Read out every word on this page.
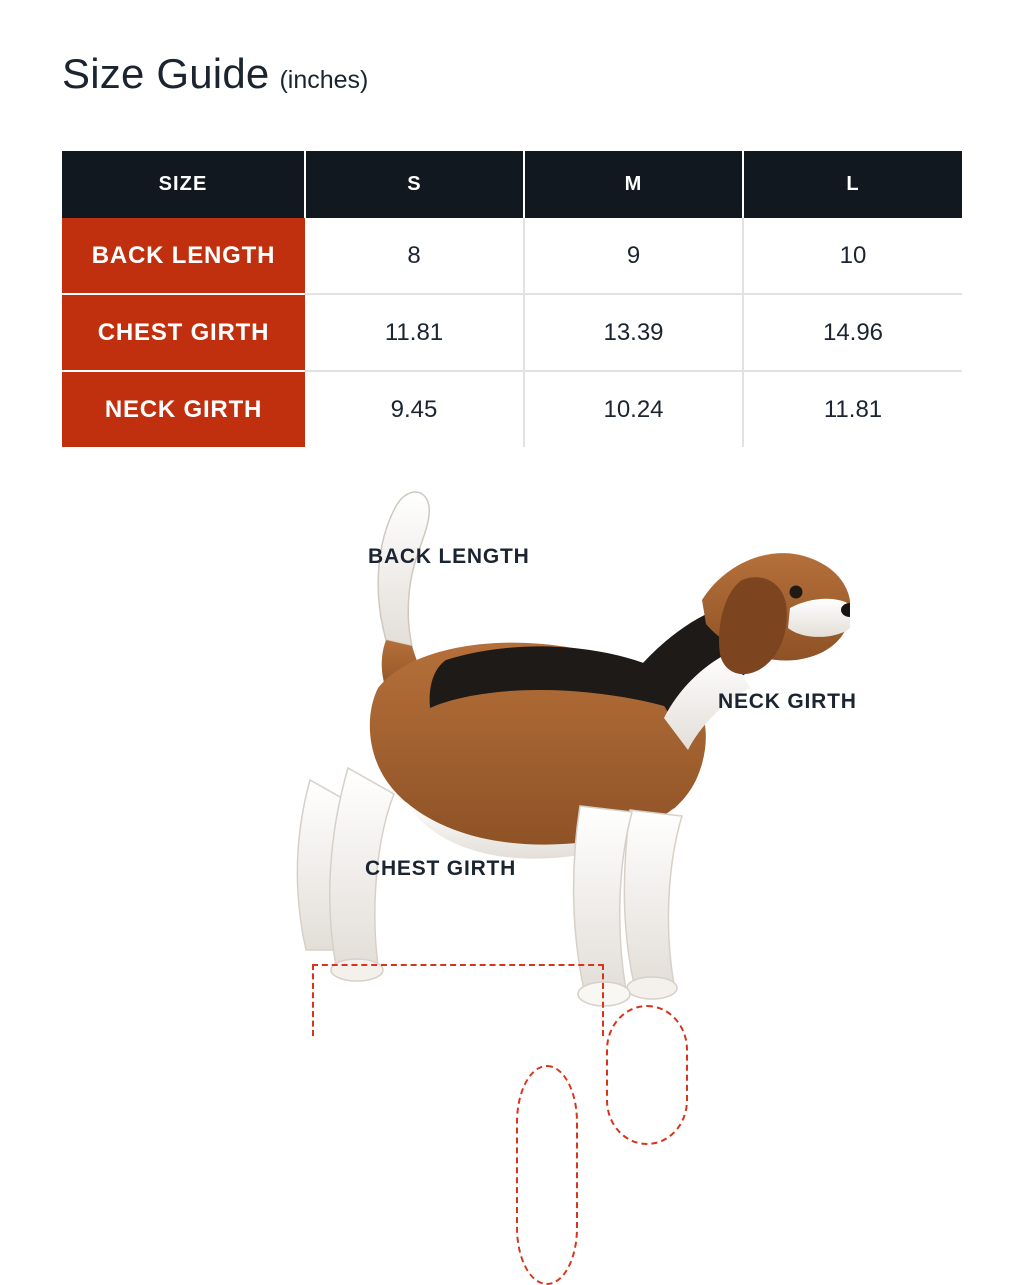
Size Guide (inches)
SIZE	S	M	L
BACK LENGTH	8	9	10
CHEST GIRTH	11.81	13.39	14.96
NECK GIRTH	9.45	10.24	11.81
BACK LENGTH
NECK GIRTH
CHEST GIRTH
